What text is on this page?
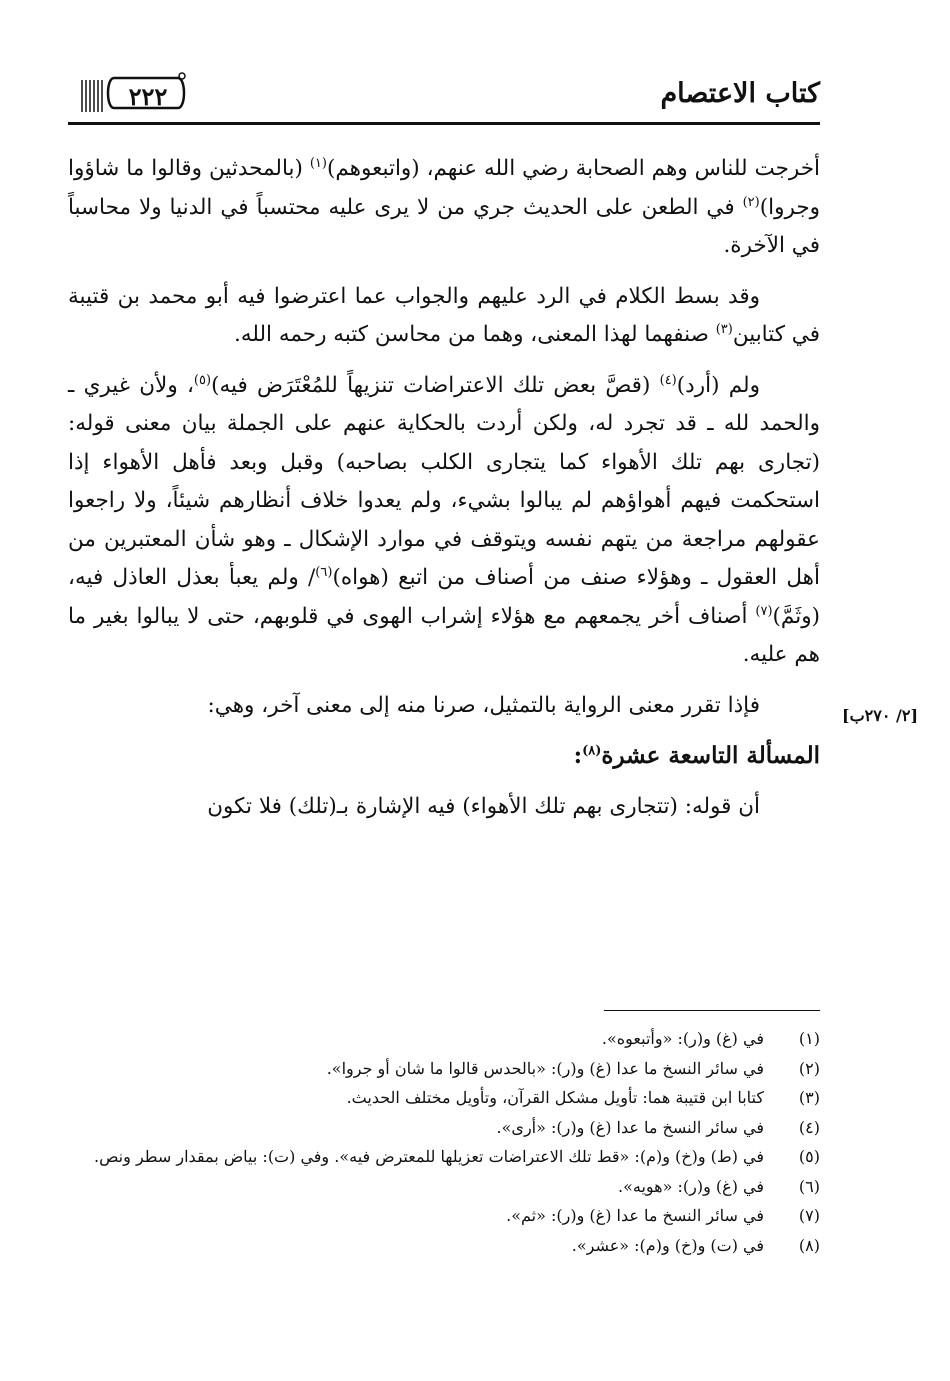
كتاب الاعتصام
٢٢٢

أخرجت للناس وهم الصحابة رضي الله عنهم، (واتبعوهم)$^{(١)}$ (بالمحدثين وقالوا ما شاؤوا وجروا)$^{(٢)}$ في الطعن على الحديث جري من لا يرى عليه محتسباً في الدنيا ولا محاسباً في الآخرة.

وقد بسط الكلام في الرد عليهم والجواب عما اعترضوا فيه أبو محمد بن قتيبة في كتابين$^{(٣)}$ صنفهما لهذا المعنى، وهما من محاسن كتبه رحمه الله.

ولم (أرد)$^{(٤)}$ (قصَّ بعض تلك الاعتراضات تنزيهاً للمُعْتَرَض فيه)$^{(٥)}$، ولأن غيري ـ والحمد لله ـ قد تجرد له، ولكن أردت بالحكاية عنهم على الجملة بيان معنى قوله: (تجارى بهم تلك الأهواء كما يتجارى الكلب بصاحبه) وقبل وبعد فأهل الأهواء إذا استحكمت فيهم أهواؤهم لم يبالوا بشيء، ولم يعدوا خلاف أنظارهم شيئاً، ولا راجعوا عقولهم مراجعة من يتهم نفسه ويتوقف في موارد الإشكال ـ وهو شأن المعتبرين من أهل العقول ـ وهؤلاء صنف من أصناف من اتبع (هواه)$^{(٦)}$/ ولم يعبأ بعذل العاذل فيه، (وثَمَّ)$^{(٧)}$ أصناف أخر يجمعهم مع هؤلاء إشراب الهوى في قلوبهم، حتى لا يبالوا بغير ما هم عليه.

فإذا تقرر معنى الرواية بالتمثيل، صرنا منه إلى معنى آخر، وهي:

المسألة التاسعة عشرة$^{(٨)}$:

أن قوله: (تتجارى بهم تلك الأهواء) فيه الإشارة بـ(تلك) فلا تكون

[٢/ ٢٧٠ب]
(١)
في (غ) و(ر): «وأتبعوه».
(٢)
في سائر النسخ ما عدا (غ) و(ر): «بالحدس قالوا ما شان أو جروا».
(٣)
كتابا ابن قتيبة هما: تأويل مشكل القرآن، وتأويل مختلف الحديث.
(٤)
في سائر النسخ ما عدا (غ) و(ر): «أرى».
(٥)
في (ط) و(خ) و(م): «قط تلك الاعتراضات تعزيلها للمعترض فيه». وفي (ت): بياض بمقدار سطر ونص.
(٦)
في (غ) و(ر): «هويه».
(٧)
في سائر النسخ ما عدا (غ) و(ر): «ثم».
(٨)
في (ت) و(خ) و(م): «عشر».
